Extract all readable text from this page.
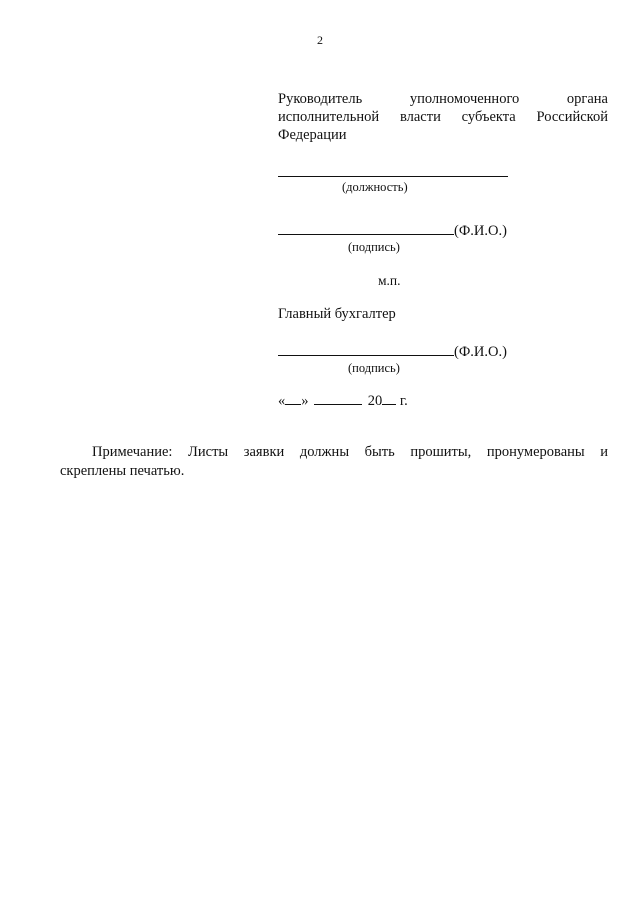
2

Руководитель уполномоченного органа
исполнительной власти субъекта Российской
Федерации

(должность)
(Ф.И.О.)
(подпись)
м.п.
Главный бухгалтер
(Ф.И.О.)
(подпись)
« »	20 г.
Примечание: Листы заявки должны быть прошиты, пронумерованы и
скреплены печатью.
